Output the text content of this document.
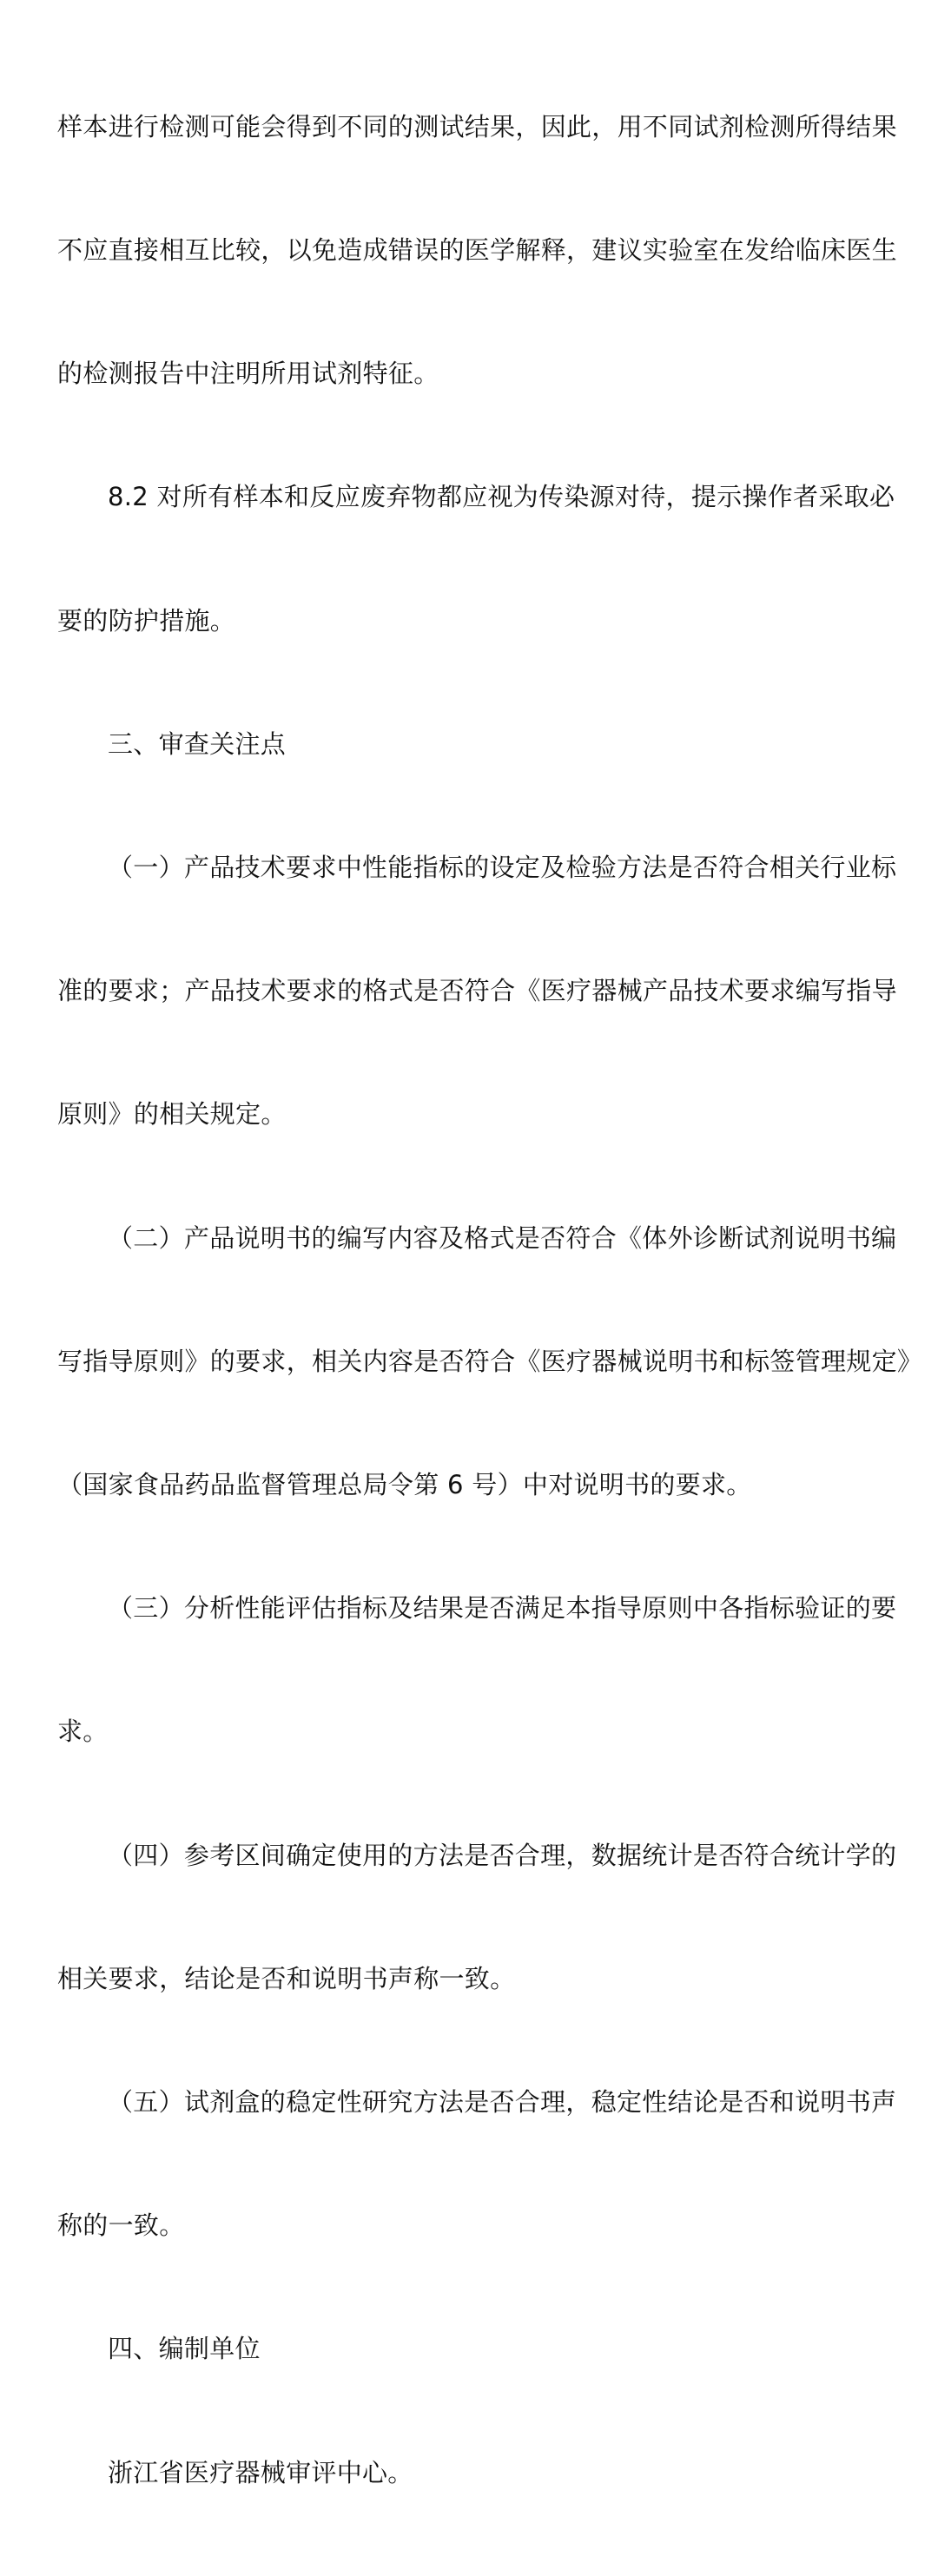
样本进行检测可能会得到不同的测试结果，因此，用不同试剂检测所得结果

不应直接相互比较，以免造成错误的医学解释，建议实验室在发给临床医生

的检测报告中注明所用试剂特征。

8.2 对所有样本和反应废弃物都应视为传染源对待，提示操作者采取必

要的防护措施。

三、审查关注点

（一）产品技术要求中性能指标的设定及检验方法是否符合相关行业标

准的要求；产品技术要求的格式是否符合《医疗器械产品技术要求编写指导

原则》的相关规定。

（二）产品说明书的编写内容及格式是否符合《体外诊断试剂说明书编

写指导原则》的要求，相关内容是否符合《医疗器械说明书和标签管理规定》

（国家食品药品监督管理总局令第 6 号）中对说明书的要求。

（三）分析性能评估指标及结果是否满足本指导原则中各指标验证的要

求。

（四）参考区间确定使用的方法是否合理，数据统计是否符合统计学的

相关要求，结论是否和说明书声称一致。

（五）试剂盒的稳定性研究方法是否合理，稳定性结论是否和说明书声

称的一致。

四、编制单位

浙江省医疗器械审评中心。
